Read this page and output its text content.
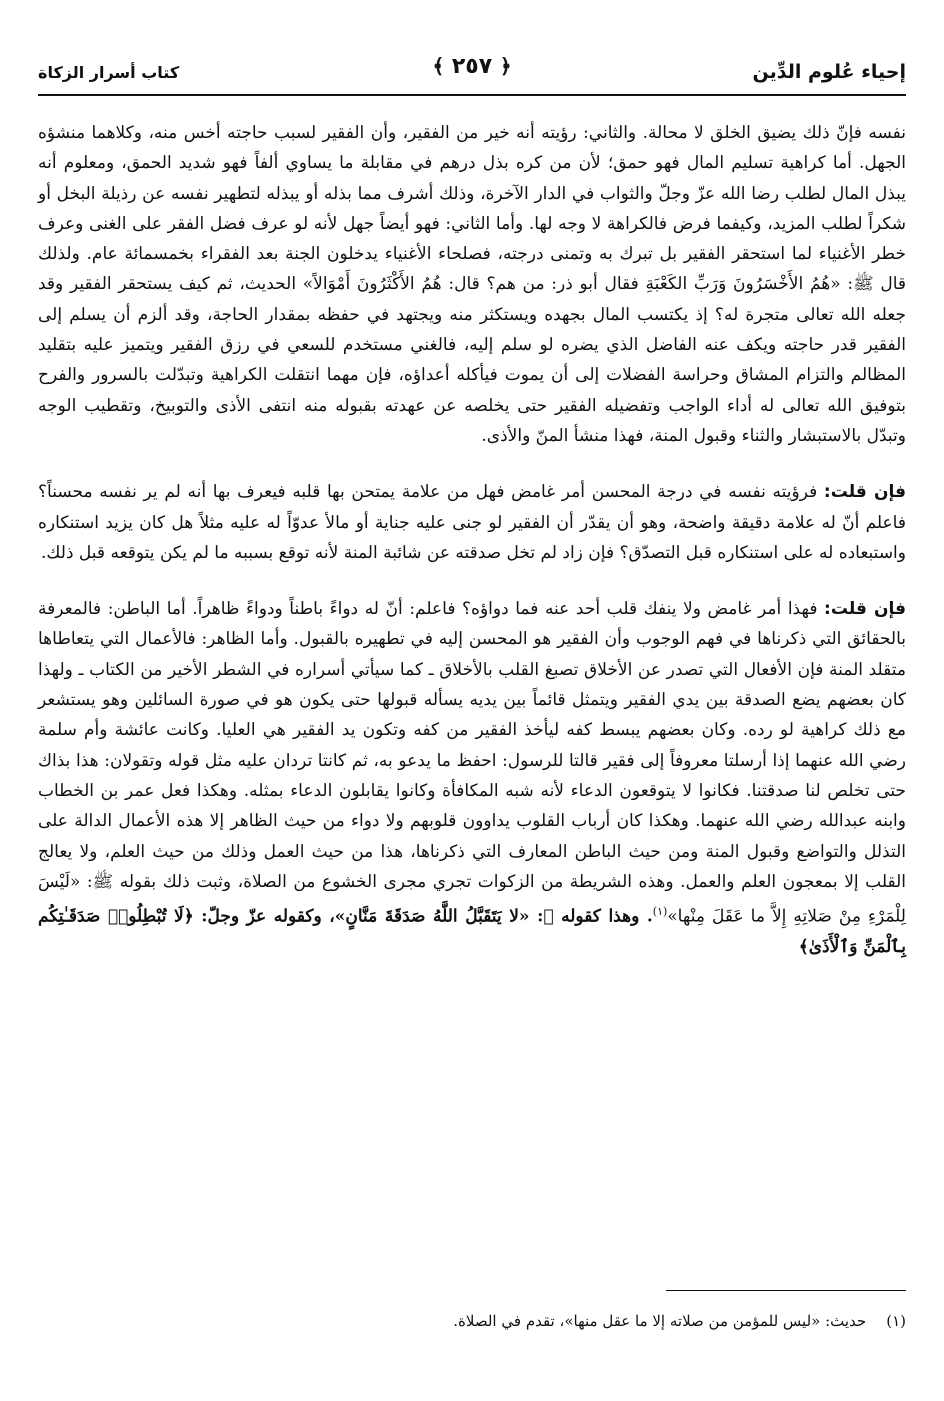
إحياء عُلوم الدِّين
﴿ ٢٥٧ ﴾
كتاب أسرار الزكاة

نفسه فإنّ ذلك يضيق الخلق لا محالة. والثاني: رؤيته أنه خير من الفقير، وأن الفقير لسبب حاجته أخس منه، وكلاهما منشؤه الجهل. أما كراهية تسليم المال فهو حمق؛ لأن من كره بذل درهم في مقابلة ما يساوي ألفاً فهو شديد الحمق، ومعلوم أنه يبذل المال لطلب رضا الله عزّ وجلّ والثواب في الدار الآخرة، وذلك أشرف مما بذله أو يبذله لتطهير نفسه عن رذيلة البخل أو شكراً لطلب المزيد، وكيفما فرض فالكراهة لا وجه لها. وأما الثاني: فهو أيضاً جهل لأنه لو عرف فضل الفقر على الغنى وعرف خطر الأغنياء لما استحقر الفقير بل تبرك به وتمنى درجته، فصلحاء الأغنياء يدخلون الجنة بعد الفقراء بخمسمائة عام. ولذلك قال ﷺ: «هُمُ الأَخْسَرُونَ وَرَبِّ الكَعْبَةِ فقال أبو ذر: من هم؟ قال: هُمُ الأَكْثَرُونَ أَمْوَالاً» الحديث، ثم كيف يستحقر الفقير وقد جعله الله تعالى متجرة له؟ إذ يكتسب المال بجهده ويستكثر منه ويجتهد في حفظه بمقدار الحاجة، وقد ألزم أن يسلم إلى الفقير قدر حاجته ويكف عنه الفاضل الذي يضره لو سلم إليه، فالغني مستخدم للسعي في رزق الفقير ويتميز عليه بتقليد المظالم والتزام المشاق وحراسة الفضلات إلى أن يموت فيأكله أعداؤه، فإن مهما انتقلت الكراهية وتبدّلت بالسرور والفرح بتوفيق الله تعالى له أداء الواجب وتفضيله الفقير حتى يخلصه عن عهدته بقبوله منه انتفى الأذى والتوبيخ، وتقطيب الوجه وتبدّل بالاستبشار والثناء وقبول المنة، فهذا منشأ المنّ والأذى.

فإن قلت: فرؤيته نفسه في درجة المحسن أمر غامض فهل من علامة يمتحن بها قلبه فيعرف بها أنه لم ير نفسه محسناً؟ فاعلم أنّ له علامة دقيقة واضحة، وهو أن يقدّر أن الفقير لو جنى عليه جناية أو مالأ عدوّاً له عليه مثلاً هل كان يزيد استنكاره واستبعاده له على استنكاره قبل التصدّق؟ فإن زاد لم تخل صدقته عن شائبة المنة لأنه توقع بسببه ما لم يكن يتوقعه قبل ذلك.

فإن قلت: فهذا أمر غامض ولا ينفك قلب أحد عنه فما دواؤه؟ فاعلم: أنّ له دواءً باطناً ودواءً ظاهراً. أما الباطن: فالمعرفة بالحقائق التي ذكرناها في فهم الوجوب وأن الفقير هو المحسن إليه في تطهيره بالقبول. وأما الظاهر: فالأعمال التي يتعاطاها متقلد المنة فإن الأفعال التي تصدر عن الأخلاق تصبغ القلب بالأخلاق ـ كما سيأتي أسراره في الشطر الأخير من الكتاب ـ ولهذا كان بعضهم يضع الصدقة بين يدي الفقير ويتمثل قائماً بين يديه يسأله قبولها حتى يكون هو في صورة السائلين وهو يستشعر مع ذلك كراهية لو رده. وكان بعضهم يبسط كفه ليأخذ الفقير من كفه وتكون يد الفقير هي العليا. وكانت عائشة وأم سلمة رضي الله عنهما إذا أرسلتا معروفاً إلى فقير قالتا للرسول: احفظ ما يدعو به، ثم كانتا تردان عليه مثل قوله وتقولان: هذا بذاك حتى تخلص لنا صدقتنا. فكانوا لا يتوقعون الدعاء لأنه شبه المكافأة وكانوا يقابلون الدعاء بمثله. وهكذا فعل عمر بن الخطاب وابنه عبدالله رضي الله عنهما. وهكذا كان أرباب القلوب يداوون قلوبهم ولا دواء من حيث الظاهر إلا هذه الأعمال الدالة على التذلل والتواضع وقبول المنة ومن حيث الباطن المعارف التي ذكرناها، هذا من حيث العمل وذلك من حيث العلم، ولا يعالج القلب إلا بمعجون العلم والعمل. وهذه الشريطة من الزكوات تجري مجرى الخشوع من الصلاة، وثبت ذلك بقوله ﷺ: «لَيْسَ لِلْمَرْءِ مِنْ صَلاتِهِ إِلاَّ ما عَقَلَ مِنْها»$^{(١)}$. وهذا كقوله ﷺ: «لا يَتَقَبَّلُ اللَّهُ صَدَقَةَ مَنَّانٍ»، وكقوله عزّ وجلّ: ﴿لَا تُبْطِلُوا۟ صَدَقَـٰتِكُم بِٱلْمَنِّ وَٱلْأَذَىٰ﴾

(١)حديث: «ليس للمؤمن من صلاته إلا ما عقل منها»، تقدم في الصلاة.
